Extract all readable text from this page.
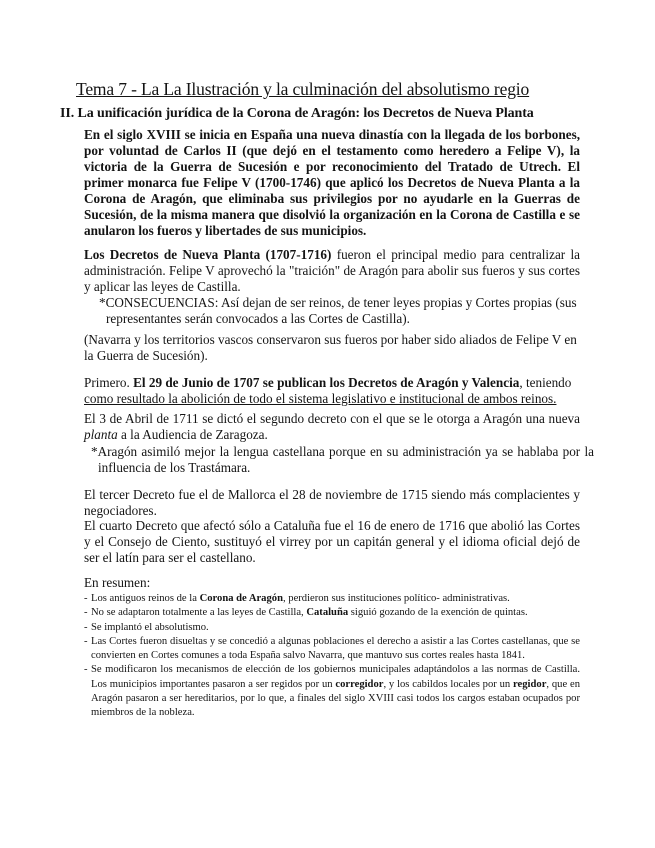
Tema 7 - La La Ilustración y la culminación del absolutismo regio
II. La unificación jurídica de la Corona de Aragón: los Decretos de Nueva Planta

En el siglo XVIII se inicia en España una nueva dinastía con la llegada de los borbones, por voluntad de Carlos II (que dejó en el testamento como heredero a Felipe V), la victoria de la Guerra de Sucesión e por reconocimiento del Tratado de Utrech. El primer monarca fue Felipe V (1700-1746) que aplicó los Decretos de Nueva Planta a la Corona de Aragón, que eliminaba sus privilegios por no ayudarle en la Guerras de Sucesión, de la misma manera que disolvió la organización en la Corona de Castilla e se anularon los fueros y libertades de sus municipios.

Los Decretos de Nueva Planta (1707-1716) fueron el principal medio para centralizar la administración. Felipe V aprovechó la "traición" de Aragón para abolir sus fueros y sus cortes y aplicar las leyes de Castilla.

*CONSECUENCIAS: Así dejan de ser reinos, de tener leyes propias y Cortes propias (sus representantes serán convocados a las Cortes de Castilla).

(Navarra y los territorios vascos conservaron sus fueros por haber sido aliados de Felipe V en la Guerra de Sucesión).

Primero. El 29 de Junio de 1707 se publican los Decretos de Aragón y Valencia, teniendo
como resultado la abolición de todo el sistema legislativo e institucional de ambos reinos.

El 3 de Abril de 1711 se dictó el segundo decreto con el que se le otorga a Aragón una nueva planta a la Audiencia de Zaragoza.

*Aragón asimiló mejor la lengua castellana porque en su administración ya se hablaba por la influencia de los Trastámara.

El tercer Decreto fue el de Mallorca el 28 de noviembre de 1715 siendo más complacientes y negociadores.

El cuarto Decreto que afectó sólo a Cataluña fue el 16 de enero de 1716 que abolió las Cortes y el Consejo de Ciento, sustituyó el virrey por un capitán general y el idioma oficial dejó de ser el latín para ser el castellano.

En resumen:

- Los antiguos reinos de la Corona de Aragón, perdieron sus instituciones político- administrativas.
- No se adaptaron totalmente a las leyes de Castilla, Cataluña siguió gozando de la exención de quintas.
- Se implantó el absolutismo.
- Las Cortes fueron disueltas y se concedió a algunas poblaciones el derecho a asistir a las Cortes castellanas, que se convierten en Cortes comunes a toda España salvo Navarra, que mantuvo sus cortes reales hasta 1841.
- Se modificaron los mecanismos de elección de los gobiernos municipales adaptándolos a las normas de Castilla. Los municipios importantes pasaron a ser regidos por un corregidor, y los cabildos locales por un regidor, que en Aragón pasaron a ser hereditarios, por lo que, a finales del siglo XVIII casi todos los cargos estaban ocupados por miembros de la nobleza.
